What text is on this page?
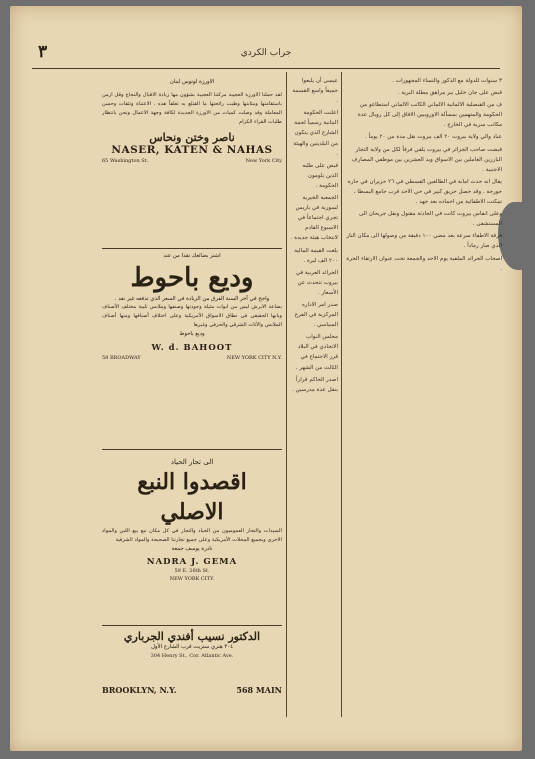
٣	جراب الكردي
الاورزة لوتوس لبنان
لقد حملنا الاورزة العجيبة مركتنا العجيبة بشؤون مها زيادة الاقبال والنجاح وقل ازمن باستقامتها ومثابتها وطيب رائحتها ما القتلع به تعلقاً هذه . الاعتناة وتثقات وحسن المعاملة وقد وصلت كميات من الاورزة الجديدة لكافة وجهة الاعمال ونحن بانتظار طلبات القراء الكرام
ناصر وختن ونحاس
NASER, KATEN & NAHAS
65 Washington St.	New York City
اشتر بضائعك تقدا من عند
وديع باحوط
واجح في آخر السنة الفرق من الزيادة في السعر الذي تدفعه غير نقد .
بضاعة الابرش ليس من ابوات مثيلة وجودتها وصنفها وملابس تلبية مختلف الأصناف وبابها الحقيقي في نطاق الاسواق الأمريكية وعلى اختلاف أصنافها ومنها أصناف الملابس والأثاث الشرقي والخزفي وغيرها
وديع باحوط
W. d. BAHOOT
58 BROADWAY	NEW YORK CITY N.Y.
الى تجار الحياد
اقصدوا النبع الاصلي
السيدات والتجار العموميون من الحياد والتجار في كل مكان نبع بيع اللبن والمواد الاحرى وبجميع المحلات الأمريكية وعلى جميع تجارتنا الصحيحة والمواد الشرقية
نادرة يوسف جمعة
NADRA J. GEMA
59 E. 26th St.
NEW YORK CITY.
الدكتور نسيب أفندي الجرباري
٣٠٤ هنري ستريت قرب الشارع الأول
304 Henry St., Cor. Atlantic Ave.
BROOKLYN, N.Y.	568 MAIN

عيسى أن يلبعوا جميعاً واسع القسمة .

اعلنت الحكومة البنانية رسمياً لحمة الشارع الذي يتكون من البلديتين والهيئة .

قبض على طلبة الذين يلومون الحكومة .

الجمعية الخيرية لسورية في باريس تجري اجتماعاً في الاسبوع القادم لانتخاب هيئة جديدة .

بلغت القيمة المالية ٢٠٠ الف ليرة .

الجرائد العربية في بيروت تتحدث عن الأسعار .

صدر امر الاداره المركزية في الفرع السياسي .

مجلس النواب الاتحادي في البلاد قرر الاجتماع في الثالث من الشهر .

اصدر الحاكم قراراً بنقل عدة مدرسين .

٣ سنوات للدولة مع الذكور والنساء المجهورات .

قبض على جان خليل ببر مراهق مطلة البرية .

ف من القنصلية الالمانية الالماني الكاتب الالماني استطاعو من الحكومة والمتهمين بمسألة الاوروبيين الافاق إلى كل رويال عدة مكاتب سرية في الخارج .

عباد والي ولاية بيروت ٢٠ الف بيروت نقل مدة من ٢٠ يوماً .

قبضت صاحب الجزائر في بيروت يلقي فرقاً لكل من ولاية التجار البارزين العاملين بين الاسواق ويد العشرين بين موظفي المصارف الاجنبية .

يقال انه حدث امانة في الطالعين القسطي في ٢٦ حزيران في حارة جورجة . وقد حصل حريق كبير في حي الاحد قرب جامع البسطا ، تمكنت الاطفائية من اخماده بعد جهد .

وعلى انفاس بيروت كانت في الحادثة مقتول ونقل جريحان الى المستشفى .

فرقة الاطفاء سرعة بعد مضي ١٠٠ دقيقة من وصولها الى مكان النار الذي صار رماداً .

اصحاب الجرائد الملقبة يوم الاحد والجمعة تحت عنوان الارتقاء الحرة .
